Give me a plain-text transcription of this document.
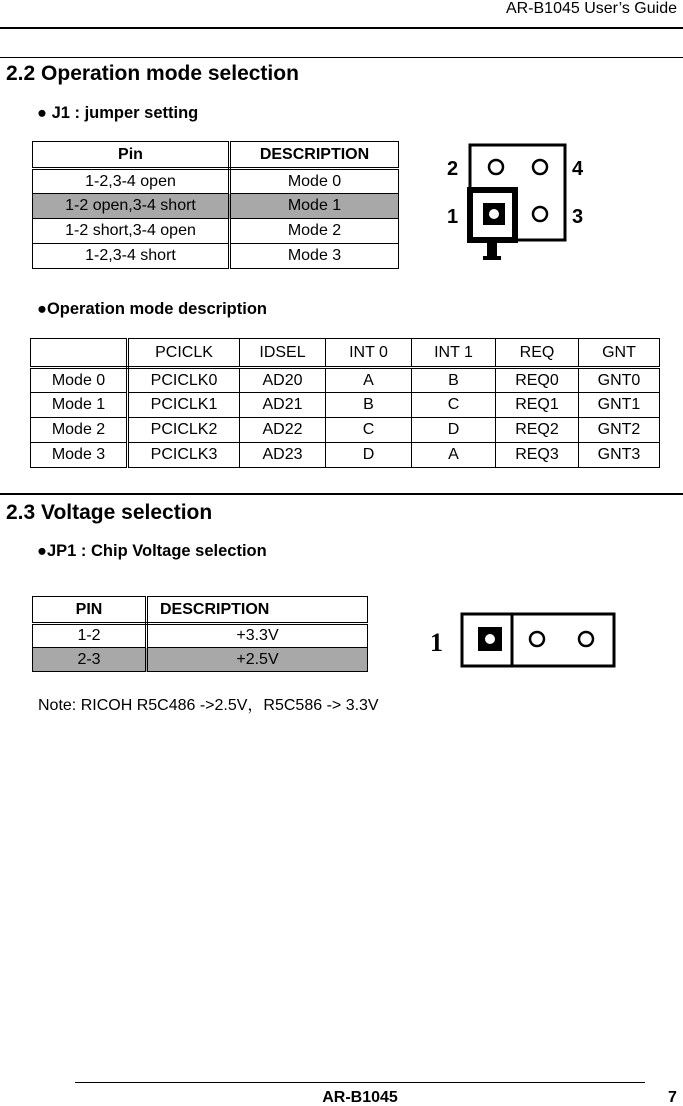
AR-B1045 User’s Guide
2.2 Operation mode selection
● J1 : jumper setting
Pin	DESCRIPTION
1-2,3-4 open	Mode 0
1-2 open,3-4 short	Mode 1
1-2 short,3-4 open	Mode 2
1-2,3-4 short	Mode 3
2	4
1	3
●Operation mode description
	PCICLK	IDSEL	INT 0	INT 1	REQ	GNT
Mode 0	PCICLK0	AD20	A	B	REQ0	GNT0
Mode 1	PCICLK1	AD21	B	C	REQ1	GNT1
Mode 2	PCICLK2	AD22	C	D	REQ2	GNT2
Mode 3	PCICLK3	AD23	D	A	REQ3	GNT3
2.3 Voltage selection
●JP1 : Chip Voltage selection
PIN	DESCRIPTION
1-2	+3.3V
2-3	+2.5V
1
Note: RICOH R5C486 ->2.5V，R5C586 -> 3.3V
AR-B1045	7
